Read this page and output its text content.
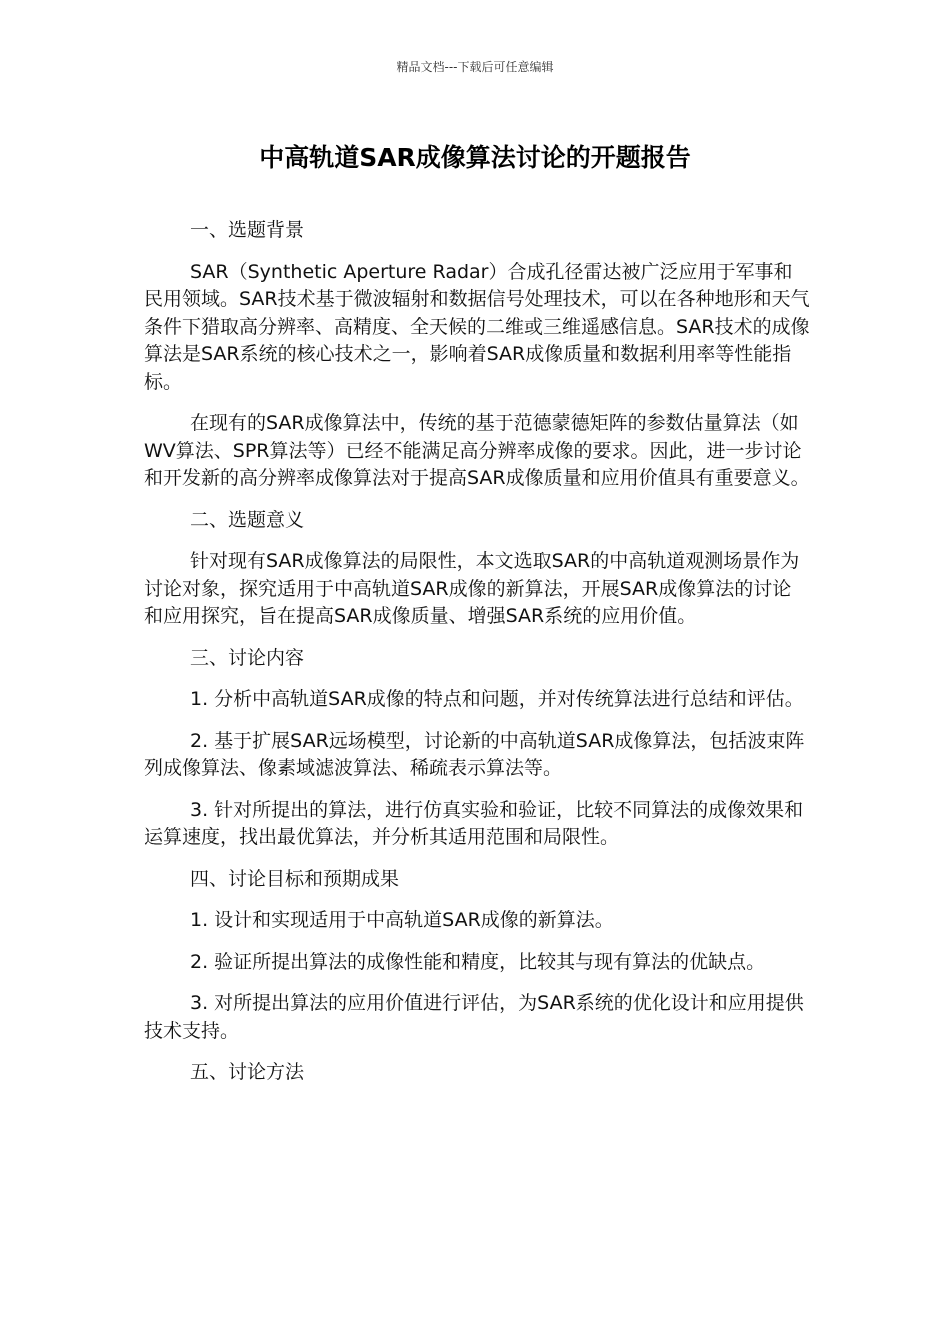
精品文档---下载后可任意编辑
中高轨道SAR成像算法讨论的开题报告

一、选题背景

SAR（Synthetic Aperture Radar）合成孔径雷达被广泛应用于军事和民用领域。SAR技术基于微波辐射和数据信号处理技术，可以在各种地形和天气条件下猎取高分辨率、高精度、全天候的二维或三维遥感信息。SAR技术的成像算法是SAR系统的核心技术之一，影响着SAR成像质量和数据利用率等性能指标。

在现有的SAR成像算法中，传统的基于范德蒙德矩阵的参数估量算法（如WV算法、SPR算法等）已经不能满足高分辨率成像的要求。因此，进一步讨论和开发新的高分辨率成像算法对于提高SAR成像质量和应用价值具有重要意义。

二、选题意义

针对现有SAR成像算法的局限性，本文选取SAR的中高轨道观测场景作为讨论对象，探究适用于中高轨道SAR成像的新算法，开展SAR成像算法的讨论和应用探究，旨在提高SAR成像质量、增强SAR系统的应用价值。

三、讨论内容

1. 分析中高轨道SAR成像的特点和问题，并对传统算法进行总结和评估。

2. 基于扩展SAR远场模型，讨论新的中高轨道SAR成像算法，包括波束阵列成像算法、像素域滤波算法、稀疏表示算法等。

3. 针对所提出的算法，进行仿真实验和验证，比较不同算法的成像效果和运算速度，找出最优算法，并分析其适用范围和局限性。

四、讨论目标和预期成果

1. 设计和实现适用于中高轨道SAR成像的新算法。

2. 验证所提出算法的成像性能和精度，比较其与现有算法的优缺点。

3. 对所提出算法的应用价值进行评估，为SAR系统的优化设计和应用提供技术支持。

五、讨论方法
